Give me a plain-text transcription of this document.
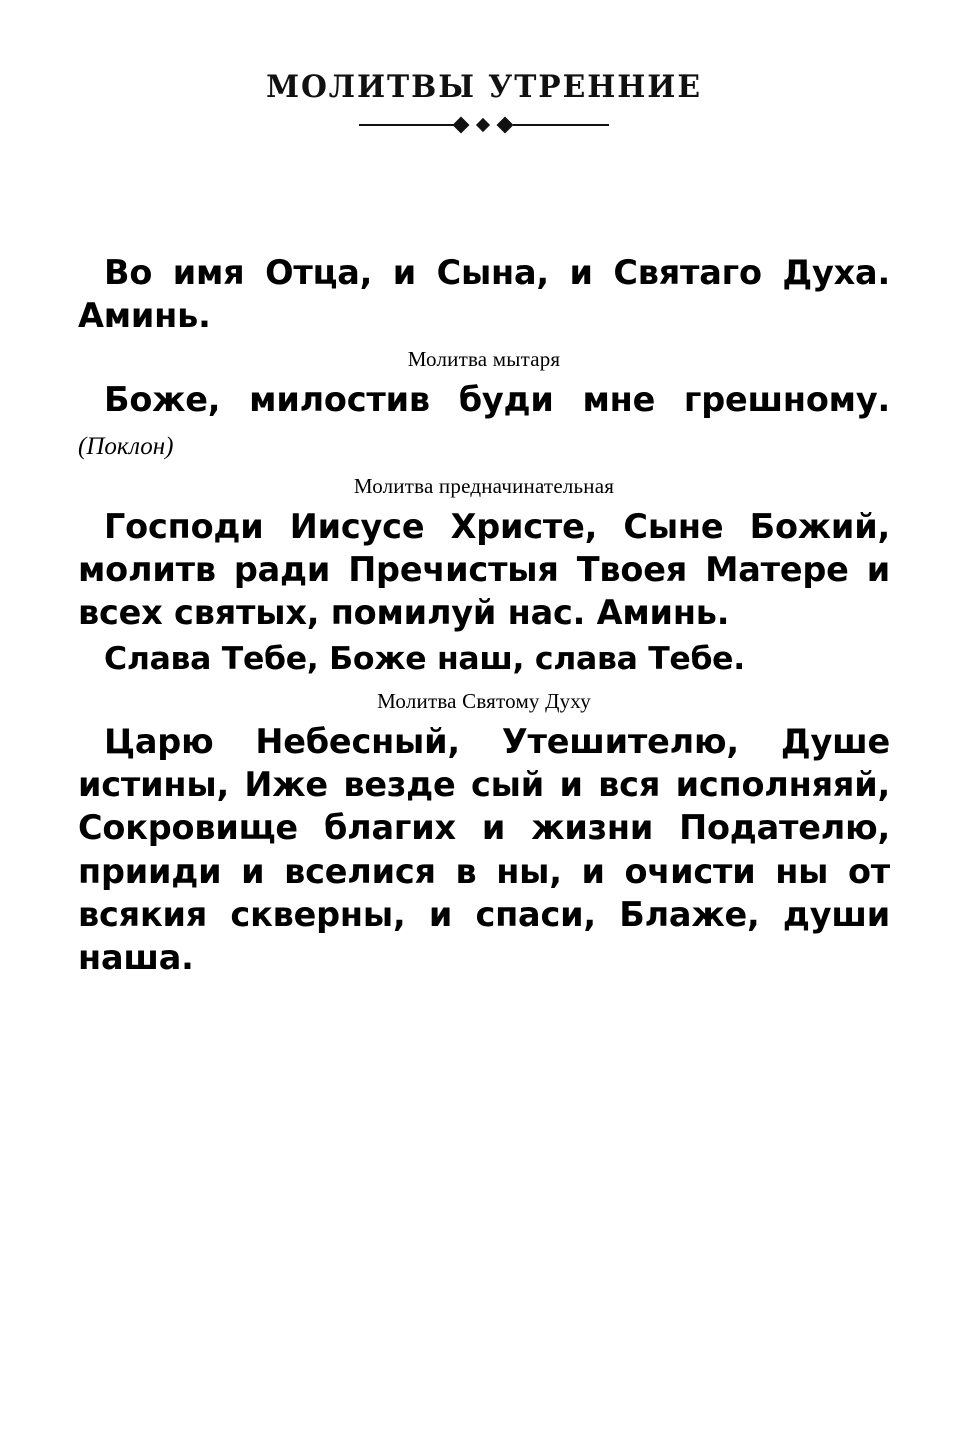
МОЛИТВЫ УТРЕННИЕ

Во имя Отца, и Сына, и Святаго Духа. Аминь.

Молитва мытаря

Боже, милостив буди мне грешному. (Поклон)

Молитва предначинательная

Господи Иисусе Христе, Сыне Божий, молитв ради Пречистыя Твоея Матере и всех святых, помилуй нас. Аминь.

Слава Тебе, Боже наш, слава Тебе.

Молитва Святому Духу

Царю Небесный, Утешителю, Душе истины, Иже везде сый и вся исполняяй, Сокровище благих и жизни Подателю, прииди и вселися в ны, и очисти ны от всякия скверны, и спаси, Блаже, души наша.
